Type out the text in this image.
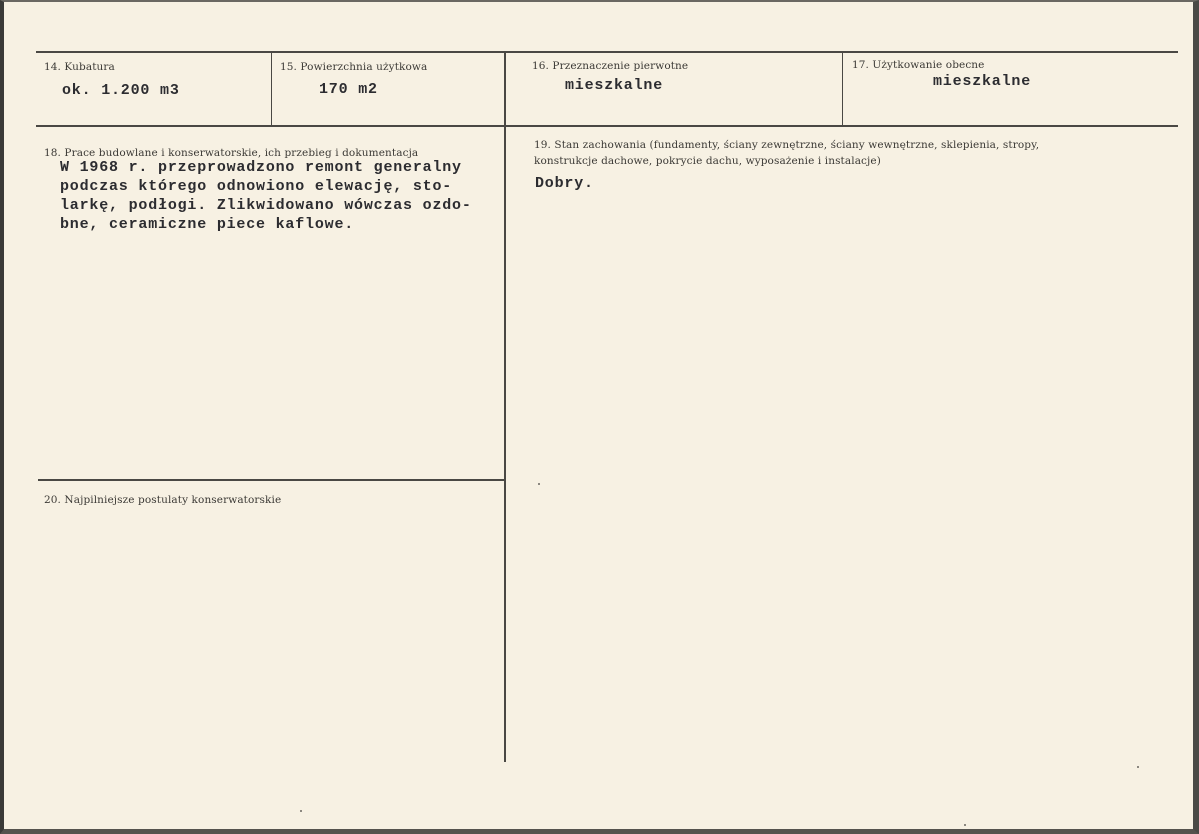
14. Kubatura
ok. 1.200 m3
15. Powierzchnia użytkowa
170 m2
16. Przeznaczenie pierwotne
mieszkalne
17. Użytkowanie obecne
mieszkalne
18. Prace budowlane i konserwatorskie, ich przebieg i dokumentacja
W 1968 r. przeprowadzono remont generalny
podczas którego odnowiono elewację, sto-
larkę, podłogi. Zlikwidowano wówczas ozdo-
bne, ceramiczne piece kaflowe.
19. Stan zachowania (fundamenty, ściany zewnętrzne, ściany wewnętrzne, sklepienia, stropy,
konstrukcje dachowe, pokrycie dachu, wyposażenie i instalacje)
Dobry.
20. Najpilniejsze postulaty konserwatorskie
